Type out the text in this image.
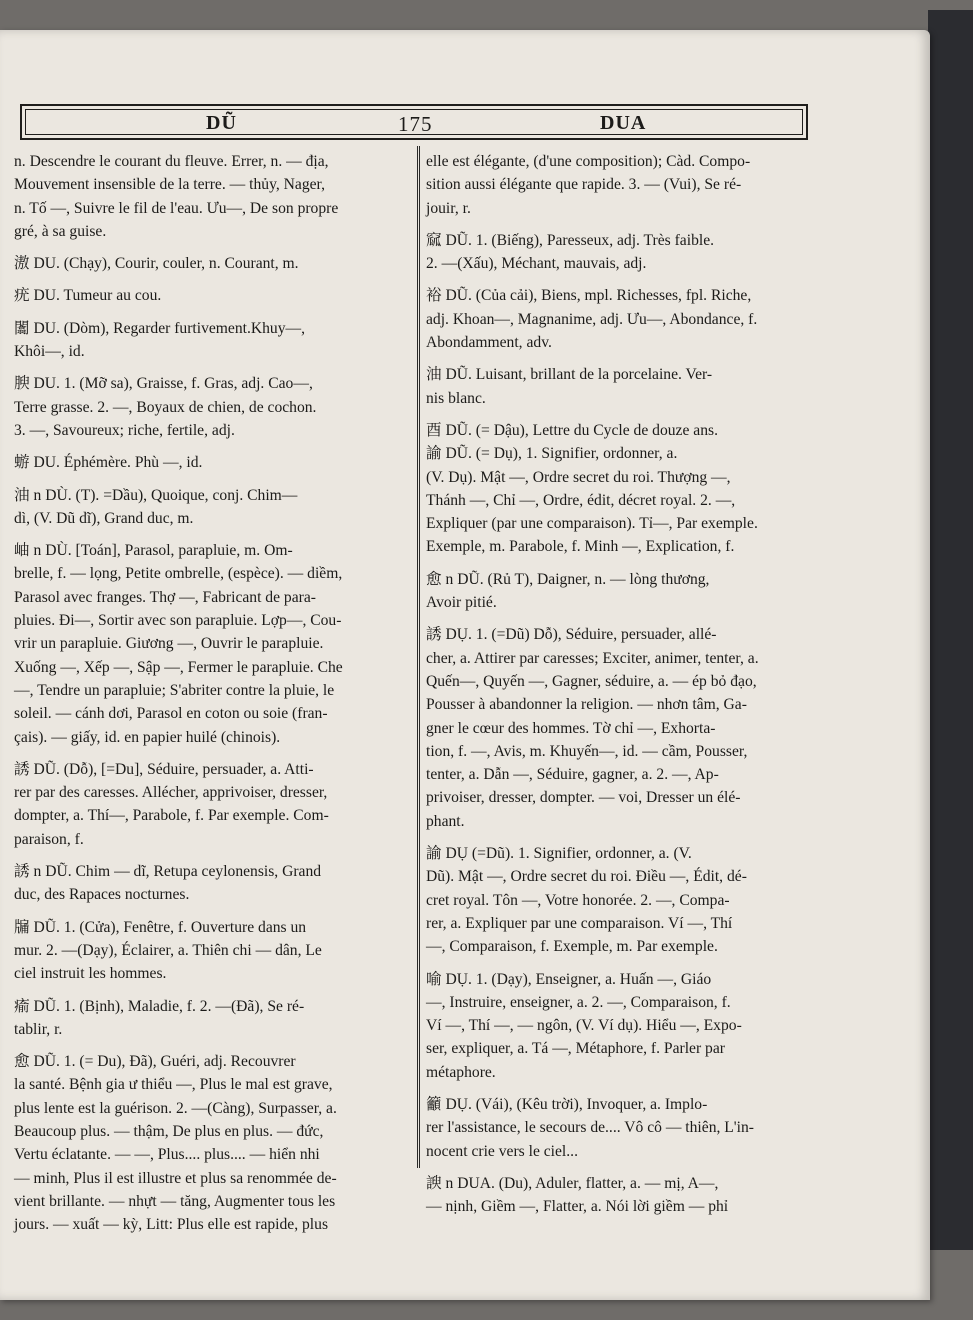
DŨ	175	DUA
n. Descendre le courant du fleuve. Errer, n. — địa,
Mouvement insensible de la terre. — thủy, Nager,
n. Tố —, Suivre le fil de l'eau. Ưu—, De son propre
gré, à sa guise.
滶 DU. (Chạy), Courir, couler, n. Courant, m.
疣 DU. Tumeur au cou.
闟 DU. (Dòm), Regarder furtivement.Khuy—,
Khôi—, id.
腴 DU. 1. (Mỡ sa), Graisse, f. Gras, adj. Cao—,
Terre grasse. 2. —, Boyaux de chien, de cochon.
3. —, Savoureux; riche, fertile, adj.
蝣 DU. Éphémère. Phù —, id.
油 n DÙ. (T). =Dầu), Quoique, conj. Chim—
dì, (V. Dũ dĩ), Grand duc, m.
岫 n DÙ. [Toán], Parasol, parapluie, m. Om-
brelle, f. — lọng, Petite ombrelle, (espèce). — diềm,
Parasol avec franges. Thợ —, Fabricant de para-
pluies. Đi—, Sortir avec son parapluie. Lợp—, Cou-
vrir un parapluie. Giương —, Ouvrir le parapluie.
Xuống —, Xếp —, Sập —, Fermer le parapluie. Che
—, Tendre un parapluie; S'abriter contre la pluie, le
soleil. — cánh dơi, Parasol en coton ou soie (fran-
çais). — giấy, id. en papier huilé (chinois).
誘 DŨ. (Dỗ), [=Du], Séduire, persuader, a. Atti-
rer par des caresses. Allécher, apprivoiser, dresser,
dompter, a. Thí—, Parabole, f. Par exemple. Com-
paraison, f.
誘 n DŨ. Chim — dĩ, Retupa ceylonensis, Grand
duc, des Rapaces nocturnes.
牖 DŨ. 1. (Cửa), Fenêtre, f. Ouverture dans un
mur. 2. —(Dạy), Éclairer, a. Thiên chi — dân, Le
ciel instruit les hommes.
瘉 DŨ. 1. (Bịnh), Maladie, f. 2. —(Đã), Se ré-
tablir, r.
愈 DŨ. 1. (= Du), Đã), Guéri, adj. Recouvrer
la santé. Bệnh gia ư thiểu —, Plus le mal est grave,
plus lente est la guérison. 2. —(Càng), Surpasser, a.
Beaucoup plus. — thậm, De plus en plus. — đức,
Vertu éclatante. — —, Plus.... plus.... — hiển nhi
— minh, Plus il est illustre et plus sa renommée de-
vient brillante. — nhựt — tăng, Augmenter tous les
jours. — xuất — kỳ, Litt: Plus elle est rapide, plus
elle est élégante, (d'une composition); Càd. Compo-
sition aussi élégante que rapide. 3. — (Vui), Se ré-
jouir, r.
窳 DŨ. 1. (Biếng), Paresseux, adj. Très faible.
2. —(Xấu), Méchant, mauvais, adj.
裕 DŨ. (Của cải), Biens, mpl. Richesses, fpl. Riche,
adj. Khoan—, Magnanime, adj. Ưu—, Abondance, f.
Abondamment, adv.
油 DŨ. Luisant, brillant de la porcelaine. Ver-
nis blanc.
酉 DŨ. (= Dậu), Lettre du Cycle de douze ans.
諭 DŨ. (= Dụ), 1. Signifier, ordonner, a.
(V. Dụ). Mật —, Ordre secret du roi. Thượng —,
Thánh —, Chỉ —, Ordre, édit, décret royal. 2. —,
Expliquer (par une comparaison). Tỉ—, Par exemple.
Exemple, m. Parabole, f. Minh —, Explication, f.
愈 n DŨ. (Rủ T), Daigner, n. — lòng thương,
Avoir pitié.
誘 DỤ. 1. (=Dũ) Dỗ), Séduire, persuader, allé-
cher, a. Attirer par caresses; Exciter, animer, tenter, a.
Quến—, Quyến —, Gagner, séduire, a. — ép bỏ đạo,
Pousser à abandonner la religion. — nhơn tâm, Ga-
gner le cœur des hommes. Tờ chỉ —, Exhorta-
tion, f. —, Avis, m. Khuyến—, id. — cầm, Pousser,
tenter, a. Dẫn —, Séduire, gagner, a. 2. —, Ap-
privoiser, dresser, dompter. — voi, Dresser un élé-
phant.
諭 DỤ (=Dũ). 1. Signifier, ordonner, a. (V.
Dũ). Mật —, Ordre secret du roi. Điều —, Édit, dé-
cret royal. Tôn —, Votre honorée. 2. —, Compa-
rer, a. Expliquer par une comparaison. Ví —, Thí
—, Comparaison, f. Exemple, m. Par exemple.
喻 DỤ. 1. (Dạy), Enseigner, a. Huấn —, Giáo
—, Instruire, enseigner, a. 2. —, Comparaison, f.
Ví —, Thí —, — ngôn, (V. Ví dụ). Hiểu —, Expo-
ser, expliquer, a. Tá —, Métaphore, f. Parler par
métaphore.
籲 DỤ. (Vái), (Kêu trời), Invoquer, a. Implo-
rer l'assistance, le secours de.... Vô cô — thiên, L'in-
nocent crie vers le ciel...
諛 n DUA. (Du), Aduler, flatter, a. — mị, A—,
— nịnh, Giềm —, Flatter, a. Nói lời giềm — phỉ
